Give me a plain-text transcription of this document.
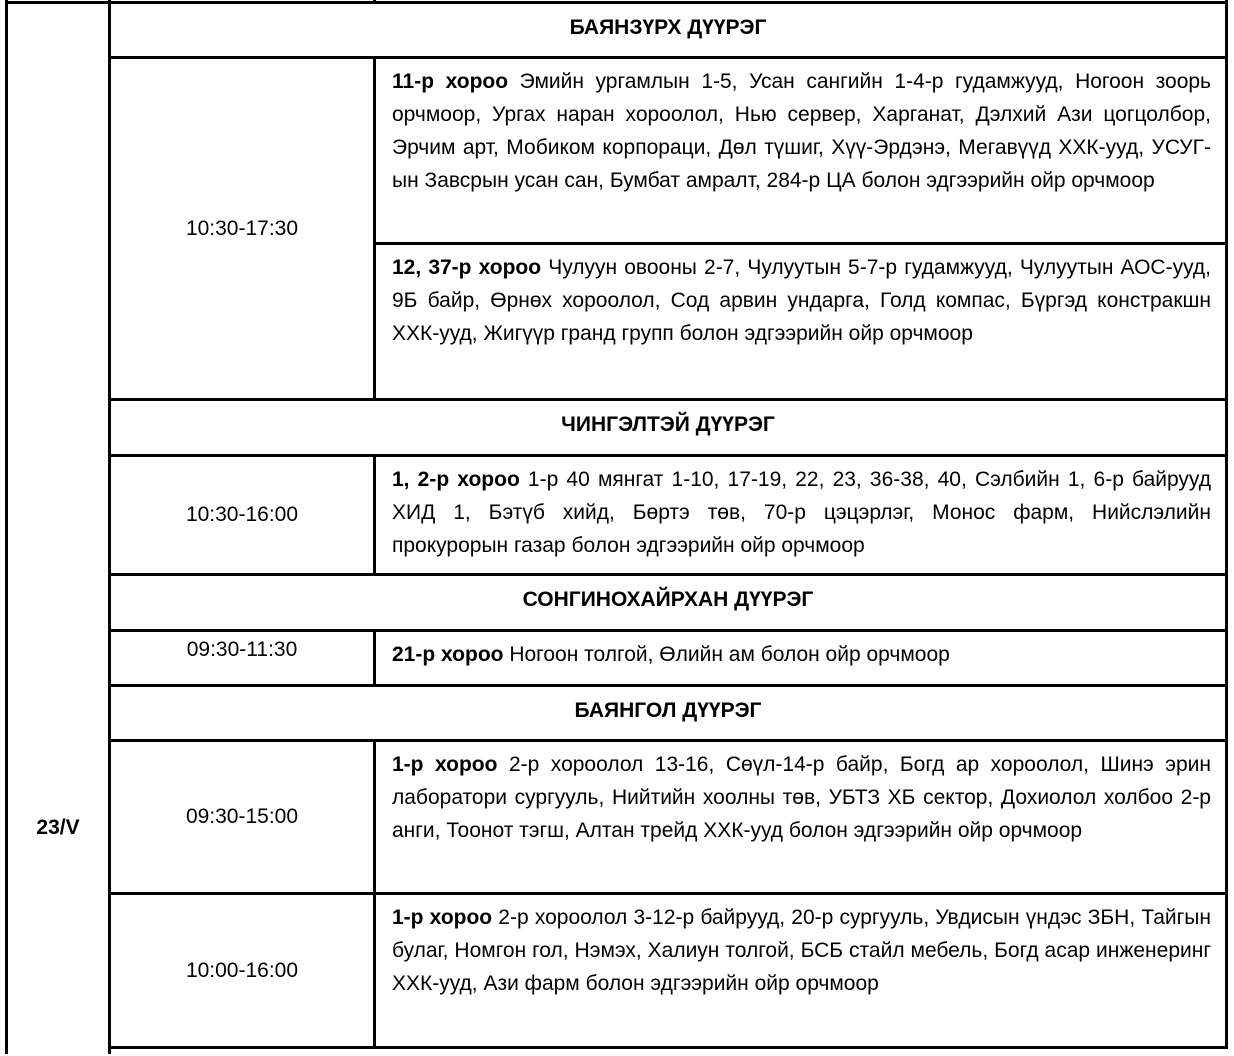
23/V
БАЯНЗҮРХ ДҮҮРЭГ
10:30-17:30
11-р хороо Эмийн ургамлын 1-5, Усан сангийн 1-4-р гудамжууд, Ногоон зоорь орчмоор, Ургах наран хороолол, Нью сервер, Харганат, Дэлхий Ази цогцолбор, Эрчим арт, Мобиком корпораци, Дөл түшиг, Хүү-Эрдэнэ, Мегавүүд ХХК-ууд, УСУГ-ын Завсрын усан сан, Бумбат амралт, 284-р ЦА болон эдгээрийн ойр орчмоор
12, 37-р хороо Чулуун овооны 2-7, Чулуутын 5-7-р гудамжууд, Чулуутын АОС-ууд, 9Б байр, Өрнөх хороолол, Сод арвин ундарга, Голд компас, Бүргэд констракшн ХХК-ууд, Жигүүр гранд групп болон эдгээрийн ойр орчмоор
ЧИНГЭЛТЭЙ ДҮҮРЭГ
10:30-16:00
1, 2-р хороо 1-р 40 мянгат 1-10, 17-19, 22, 23, 36-38, 40, Сэлбийн 1, 6-р байрууд ХИД 1, Бэтүб хийд, Бөртэ төв, 70-р цэцэрлэг, Монос фарм, Нийслэлийн прокурорын газар болон эдгээрийн ойр орчмоор
СОНГИНОХАЙРХАН ДҮҮРЭГ
09:30-11:30	21-р хороо Ногоон толгой, Өлийн ам болон ойр орчмоор
БАЯНГОЛ ДҮҮРЭГ
09:30-15:00
1-р хороо 2-р хороолол 13-16, Сөүл-14-р байр, Богд ар хороолол, Шинэ эрин лаборатори сургууль, Нийтийн хоолны төв, УБТЗ ХБ сектор, Дохиолол холбоо 2-р анги, Тоонот тэгш, Алтан трейд ХХК-ууд болон эдгээрийн ойр орчмоор
10:00-16:00
1-р хороо 2-р хороолол 3-12-р байрууд, 20-р сургууль, Увдисын үндэс ЗБН, Тайгын булаг, Номгон гол, Нэмэх, Халиун толгой, БСБ стайл мебель, Богд асар инженеринг ХХК-ууд, Ази фарм болон эдгээрийн ойр орчмоор
